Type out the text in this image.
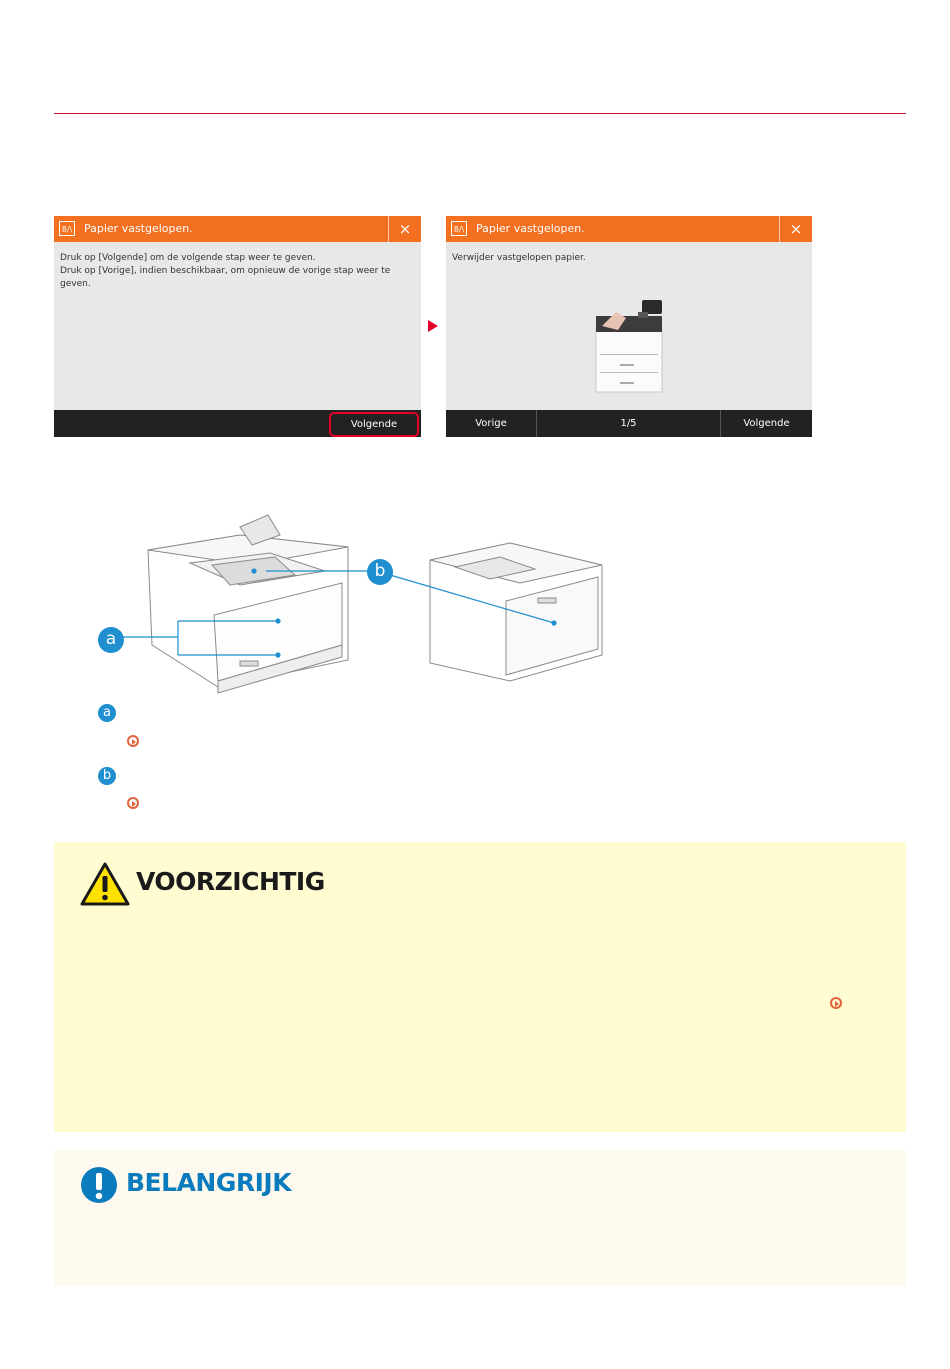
8/\ Papier vastgelopen.	×
Druk op [Volgende] om de volgende stap weer te geven.
Druk op [Vorige], indien beschikbaar, om opnieuw de vorige stap weer te
geven.
Volgende
8/\ Papier vastgelopen.	×
Verwijder vastgelopen papier.
Vorige	1/5	Volgende
a
b
a
b
VOORZICHTIG
BELANGRIJK
